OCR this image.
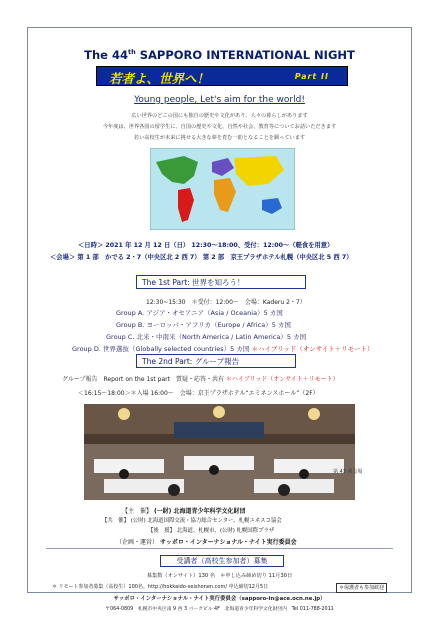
The 44th SAPPORO INTERNATIONAL NIGHT
若者よ、世界へ！	Part II
Young people, Let's aim for the world!
広い世界のどこの国にも独自の歴史や文化があり、人々の暮らしがあります
今年度は、世界各国の留学生に、自国の歴史や文化、自然や社会、教育等についてお話いただきます
若い高校生が未来に挑せる大きな夢を育む一助となることを願っています
＜日時＞ 2021 年 12 月 12 日（日） 12:30～18:00、受付：12:00～（軽食を用意）
＜会場＞ 第 1 部　かでる 2・7（中央区北 2 西 7） 第 2 部　京王プラザホテル札幌（中央区北 5 西 7）
The 1st Part: 世界を知ろう！
12:30~15:30　＊受付：12:00～　会場：Kaderu 2・7）
Group A. アジア・オセアニア（Asia / Oceania）5 カ国
Group B. ヨーロッパ・アフリカ（Europe / Africa）5 カ国
Group C. 北米・中南米（North America / Latin America）5 カ国
Group D. 世界選抜（Globally selected countries）5 カ国 ＊ハイブリッド（オンサイト＋リモート）
The 2nd Part: グループ報告
グループ報告　Report on the 1st part　質疑・応答・共有 ＊ハイブリッド（オンサイト＋リモート）
＜16:15～18:00＞＊入場 16:00～　会場：京王プラザホテル“エミネンスホール”（2F）
第 43 回会場
【主　催】 (一財) 北海道青少年科学文化財団
【共　催】 (公財) 北海道国際交流・協力総合センター、札幌ユネスコ協会
【後　援】 北海道、札幌市、(公財) 札幌国際プラザ
（企画・運営） サッポロ・インターナショナル・ナイト実行委員会
受講者（高校生参加者）募集
募集数（オンサイト）130 名　＊申し込み締め切り 11月30日
＊ リモート参加者募集（高校生）100名。http://hokkaido-seishonen.com/ 申込締切12月5日	＊保護者も参加歓迎
サッポロ・インターナショナル・ナイト実行委員会（sapporo-in@ace.ocn.ne.jp）
〒064-0809　札幌市中央区南 9 西 3 パークビル 4F　北海道青少年科学文化財団内　Tel 011-788-2011
